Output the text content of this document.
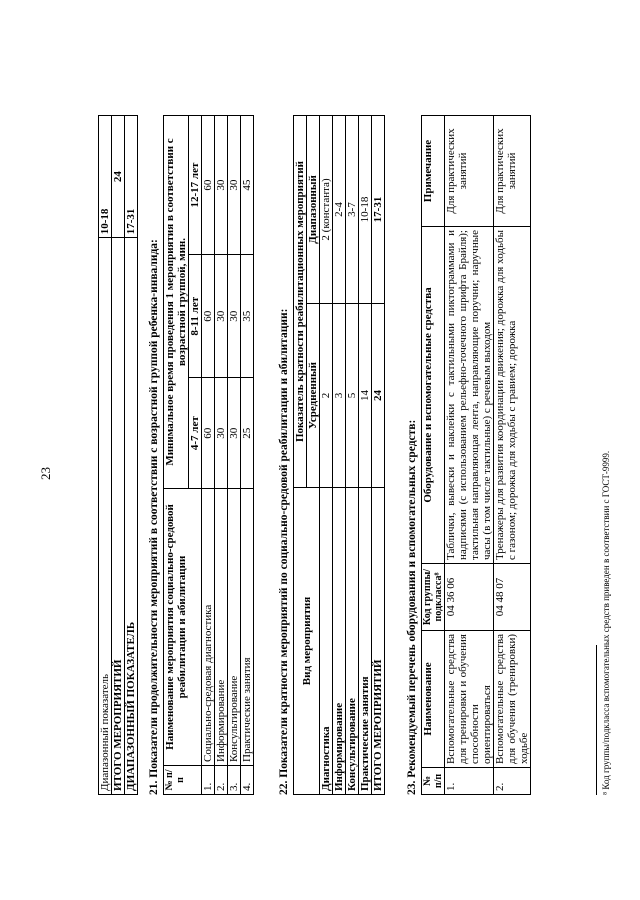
23
Диапазонный показатель	10-18
ИТОГО МЕРОПРИЯТИЙ	24
ДИАПАЗОННЫЙ ПОКАЗАТЕЛЬ	17-31
21. Показатели продолжительности мероприятий в соответствии с возрастной группой ребенка-инвалида: № п/п	Наименование мероприятия социально-средовой реабилитации и абилитации	Минимальное время проведения 1 мероприятия в соответствии с возрастной группой, мин.		
		4-7 лет	8-11 лет	12-17 лет
1.	Социально-средовая диагностика	60	60	60
2.	Информирование	30	30	30
3.	Консультирование	30	30	30
4.	Практические занятия	25	35	45
22. Показатели кратности мероприятий по социально-средовой реабилитации и абилитации: Вид мероприятия	Показатель кратности реабилитационных мероприятий	
	Усредненный	Диапазонный
Диагностика	2	2 (константа)
Информирование	3	2-4
Консультирование	5	3-7
Практические занятия	14	10-18
ИТОГО МЕРОПРИЯТИЙ	24	17-31
23. Рекомендуемый перечень оборудования и вспомогательных средств: № п/п	Наименование	Код группы/ подкласса⁸	Оборудование и вспомогательные средства	Примечание
1.	Вспомогательные средства для тренировки и обучения способности ориентироваться	04 36 06	Таблички, вывески и наклейки с тактильными пиктограммами и надписями (с использованием рельефно-точечного шрифта Брайля); тактильная направляющая лента, направляющие поручни; наручные часы (в том числе тактильные) с речевым выходом	Для практических занятий
2.	Вспомогательные средства для обучения (тренировки) ходьбе	04 48 07	Тренажеры для развития координации движения; дорожка для ходьбы с газоном; дорожка для ходьбы с гравием; дорожка	Для практических занятий
⁸ Код группы/подкласса вспомогательных средств приведен в соответствии с ГОСТ-9999.
